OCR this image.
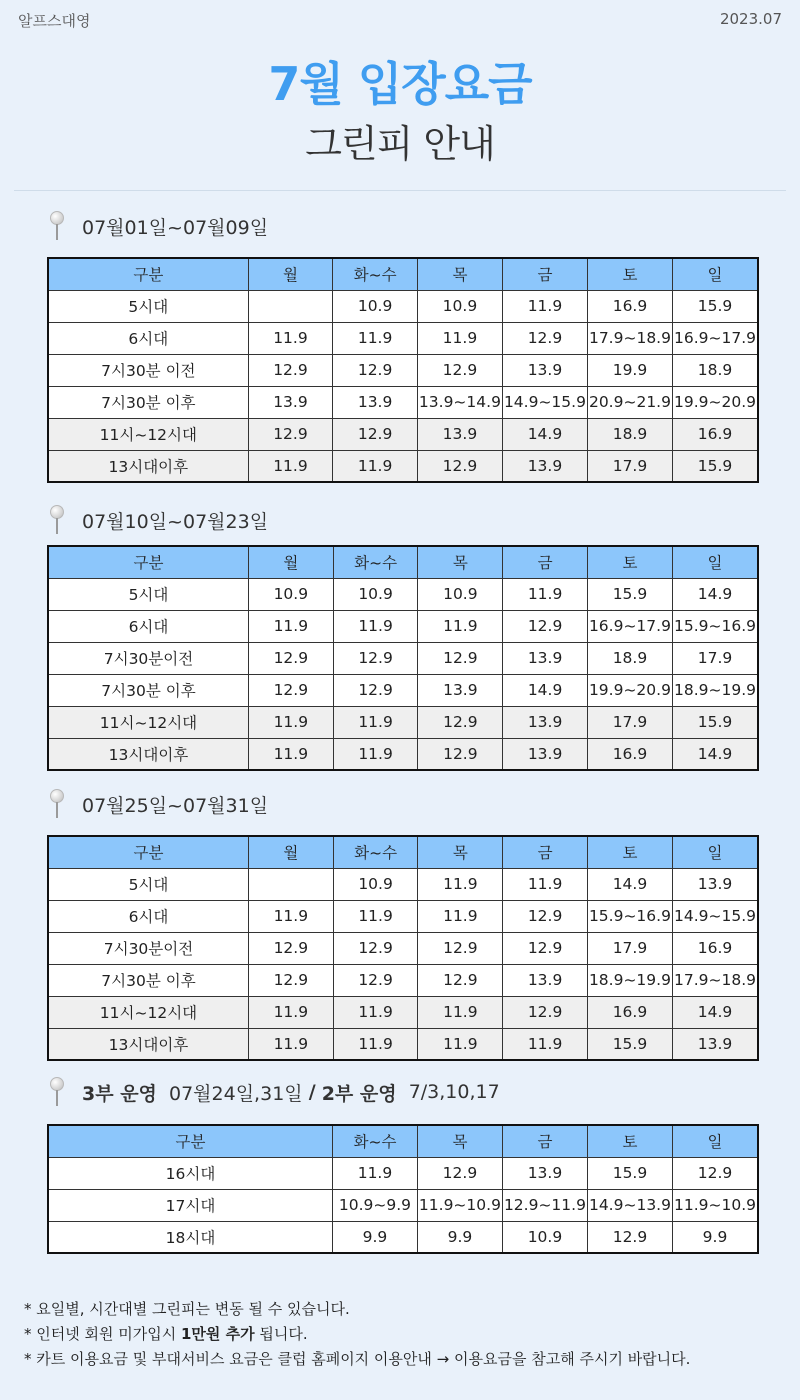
알프스대영	2023.07
7월 입장요금
그린피 안내
07월01일~07월09일
구분	월	화~수	목	금	토	일
5시대		10.9	10.9	11.9	16.9	15.9
6시대	11.9	11.9	11.9	12.9	17.9~18.9	16.9~17.9
7시30분 이전	12.9	12.9	12.9	13.9	19.9	18.9
7시30분 이후	13.9	13.9	13.9~14.9	14.9~15.9	20.9~21.9	19.9~20.9
11시~12시대	12.9	12.9	13.9	14.9	18.9	16.9
13시대이후	11.9	11.9	12.9	13.9	17.9	15.9
07월10일~07월23일
구분	월	화~수	목	금	토	일
5시대	10.9	10.9	10.9	11.9	15.9	14.9
6시대	11.9	11.9	11.9	12.9	16.9~17.9	15.9~16.9
7시30분이전	12.9	12.9	12.9	13.9	18.9	17.9
7시30분 이후	12.9	12.9	13.9	14.9	19.9~20.9	18.9~19.9
11시~12시대	11.9	11.9	12.9	13.9	17.9	15.9
13시대이후	11.9	11.9	12.9	13.9	16.9	14.9
07월25일~07월31일
구분	월	화~수	목	금	토	일
5시대		10.9	11.9	11.9	14.9	13.9
6시대	11.9	11.9	11.9	12.9	15.9~16.9	14.9~15.9
7시30분이전	12.9	12.9	12.9	12.9	17.9	16.9
7시30분 이후	12.9	12.9	12.9	13.9	18.9~19.9	17.9~18.9
11시~12시대	11.9	11.9	11.9	12.9	16.9	14.9
13시대이후	11.9	11.9	11.9	11.9	15.9	13.9
3부 운영
07월24일,31일
/
2부 운영
7/3,10,17
구분	화~수	목	금	토	일
16시대	11.9	12.9	13.9	15.9	12.9
17시대	10.9~9.9	11.9~10.9	12.9~11.9	14.9~13.9	11.9~10.9
18시대	9.9	9.9	10.9	12.9	9.9
* 요일별, 시간대별 그린피는 변동 될 수 있습니다.
* 인터넷 회원 미가입시 1만원 추가 됩니다.
* 카트 이용요금 및 부대서비스 요금은 클럽 홈페이지 이용안내 → 이용요금을 참고해 주시기 바랍니다.
